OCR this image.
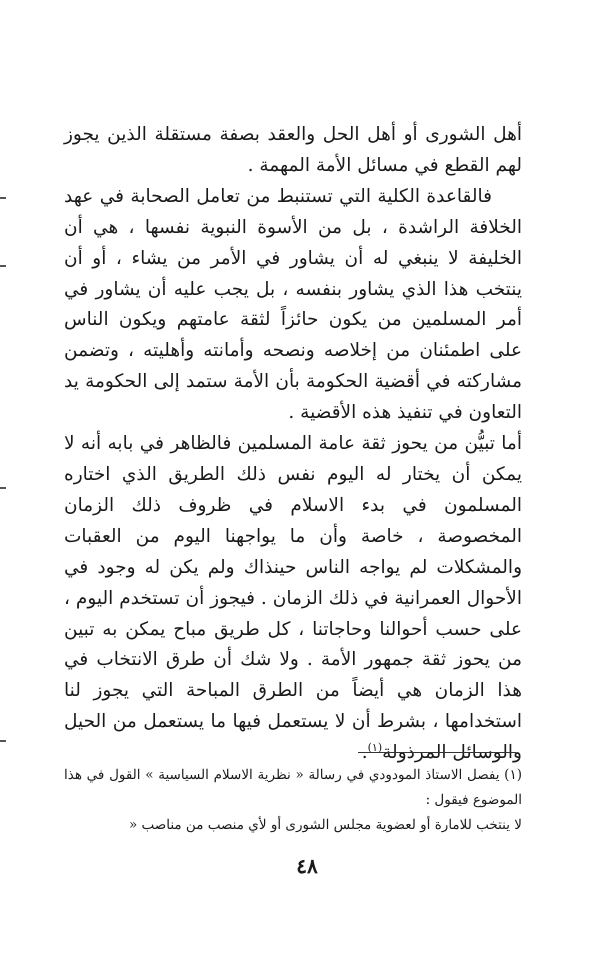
أهل الشورى أو أهل الحل والعقد بصفة مستقلة الذين يجوز لهم القطع في مسائل الأمة المهمة .

فالقاعدة الكلية التي تستنبط من تعامل الصحابة في عهد الخلافة الراشدة ، بل من الأسوة النبوية نفسها ، هي أن الخليفة لا ينبغي له أن يشاور في الأمر من يشاء ، أو أن ينتخب هذا الذي يشاور بنفسه ، بل يجب عليه أن يشاور في أمر المسلمين من يكون حائزاً لثقة عامتهم ويكون الناس على اطمئنان من إخلاصه ونصحه وأمانته وأهليته ، وتضمن مشاركته في أقضية الحكومة بأن الأمة ستمد إلى الحكومة يد التعاون في تنفيذ هذه الأقضية .

أما تبيُّن من يحوز ثقة عامة المسلمين فالظاهر في بابه أنه لا يمكن أن يختار له اليوم نفس ذلك الطريق الذي اختاره المسلمون في بدء الاسلام في ظروف ذلك الزمان المخصوصة ، خاصة وأن ما يواجهنا اليوم من العقبات والمشكلات لم يواجه الناس حينذاك ولم يكن له وجود في الأحوال العمرانية في ذلك الزمان . فيجوز أن تستخدم اليوم ، على حسب أحوالنا وحاجاتنا ، كل طريق مباح يمكن به تبين من يحوز ثقة جمهور الأمة . ولا شك أن طرق الانتخاب في هذا الزمان هي أيضاً من الطرق المباحة التي يجوز لنا استخدامها ، بشرط أن لا يستعمل فيها ما يستعمل من الحيل والوسائل المرذولة$^{(١)}$.

(١) يفصل الاستاذ المودودي في رسالة « نظرية الاسلام السياسية » القول في هذا الموضوع فيقول :

لا ينتخب للامارة أو لعضوية مجلس الشورى أو لأي منصب من مناصب «

٤٨
